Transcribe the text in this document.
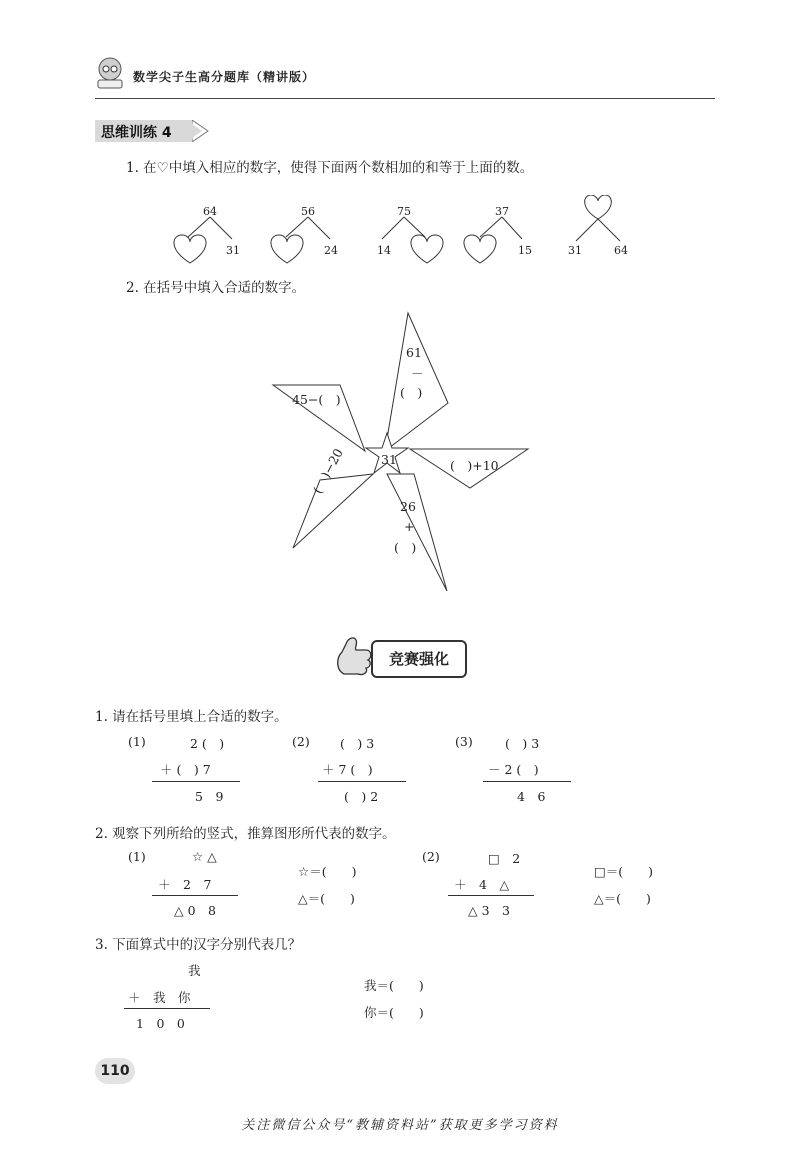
数学尖子生高分题库（精讲版）
思维训练 4
1. 在♡中填入相应的数字，使得下面两个数相加的和等于上面的数。
64
31
56
24
75
14
37
15	31	64
2. 在括号中填入合适的数字。
31
61
－
(　)
45−(　)
(　)+10
(　)−20
26
+
(　)
竞赛强化
1. 请在括号里填上合适的数字。
(1)	2 (　)
＋ (　) 7
5　9
(2) (　) 3
＋ 7 (　)
(　) 2
(3)	(　) 3
－ 2 (　)
4　6
2. 观察下列所给的竖式，推算图形所代表的数字。
(1)	☆ △
＋　2　7
△ 0　8
☆＝(　　)
△＝(　　)
(2)	□　2
＋　4　△
△ 3　3
□＝(　　)
△＝(　　)
3. 下面算式中的汉字分别代表几？
我
＋　我　你
1　0　0
我＝(　　)
你＝(　　)
110
关注微信公众号“教辅资料站”获取更多学习资料
